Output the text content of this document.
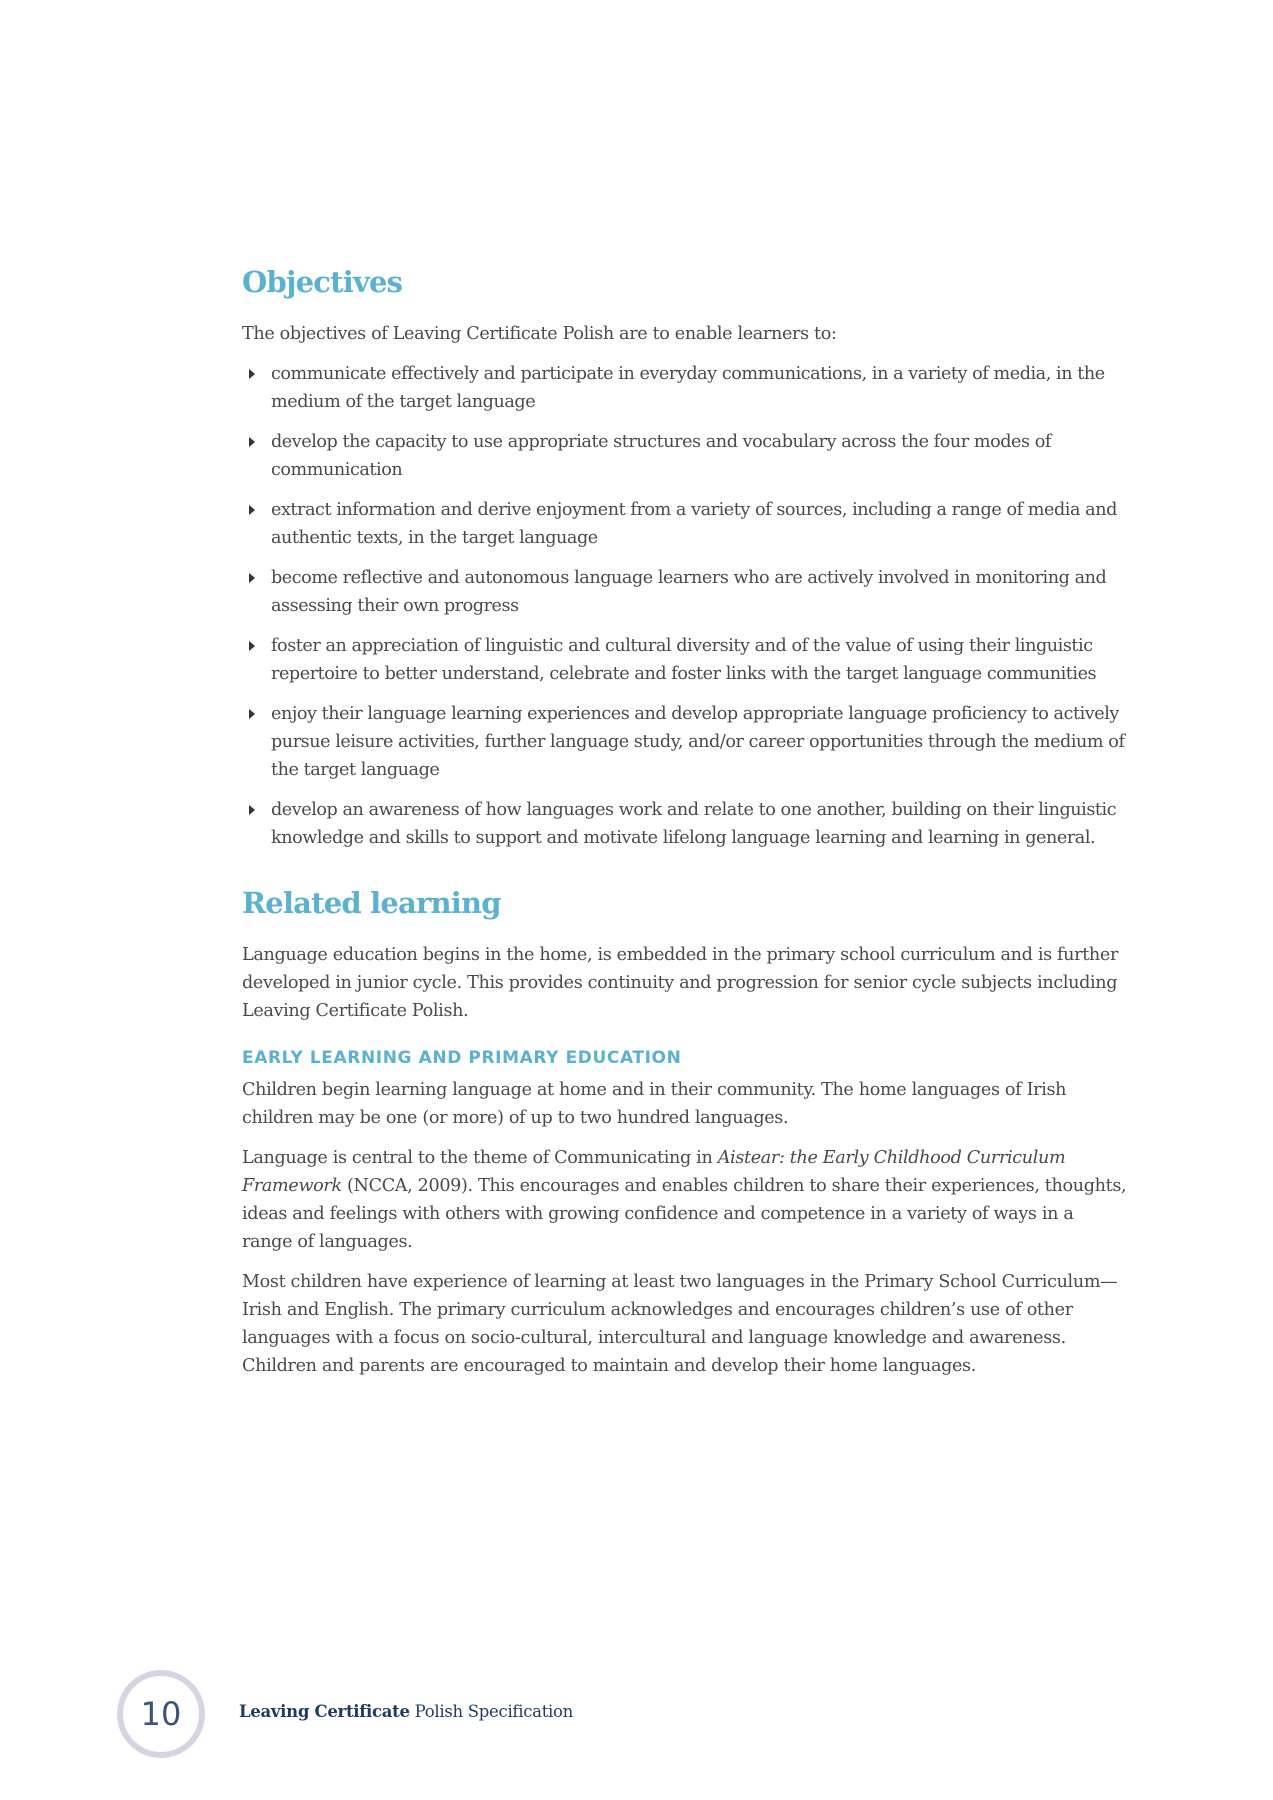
Objectives

The objectives of Leaving Certificate Polish are to enable learners to:

communicate effectively and participate in everyday communications, in a variety of media, in the medium of the target language
develop the capacity to use appropriate structures and vocabulary across the four modes of communication
extract information and derive enjoyment from a variety of sources, including a range of media and authentic texts, in the target language
become reflective and autonomous language learners who are actively involved in monitoring and assessing their own progress
foster an appreciation of linguistic and cultural diversity and of the value of using their linguistic repertoire to better understand, celebrate and foster links with the target language communities
enjoy their language learning experiences and develop appropriate language proficiency to actively pursue leisure activities, further language study, and/or career opportunities through the medium of the target language
develop an awareness of how languages work and relate to one another, building on their linguistic knowledge and skills to support and motivate lifelong language learning and learning in general.
Related learning

Language education begins in the home, is embedded in the primary school curriculum and is further developed in junior cycle. This provides continuity and progression for senior cycle subjects including Leaving Certificate Polish.

EARLY LEARNING AND PRIMARY EDUCATION

Children begin learning language at home and in their community. The home languages of Irish children may be one (or more) of up to two hundred languages.

Language is central to the theme of Communicating in Aistear: the Early Childhood Curriculum Framework (NCCA, 2009). This encourages and enables children to share their experiences, thoughts, ideas and feelings with others with growing confidence and competence in a variety of ways in a range of languages.

Most children have experience of learning at least two languages in the Primary School Curriculum—Irish and English. The primary curriculum acknowledges and encourages children’s use of other languages with a focus on socio-cultural, intercultural and language knowledge and awareness. Children and parents are encouraged to maintain and develop their home languages.

10	Leaving Certificate Polish Specification
